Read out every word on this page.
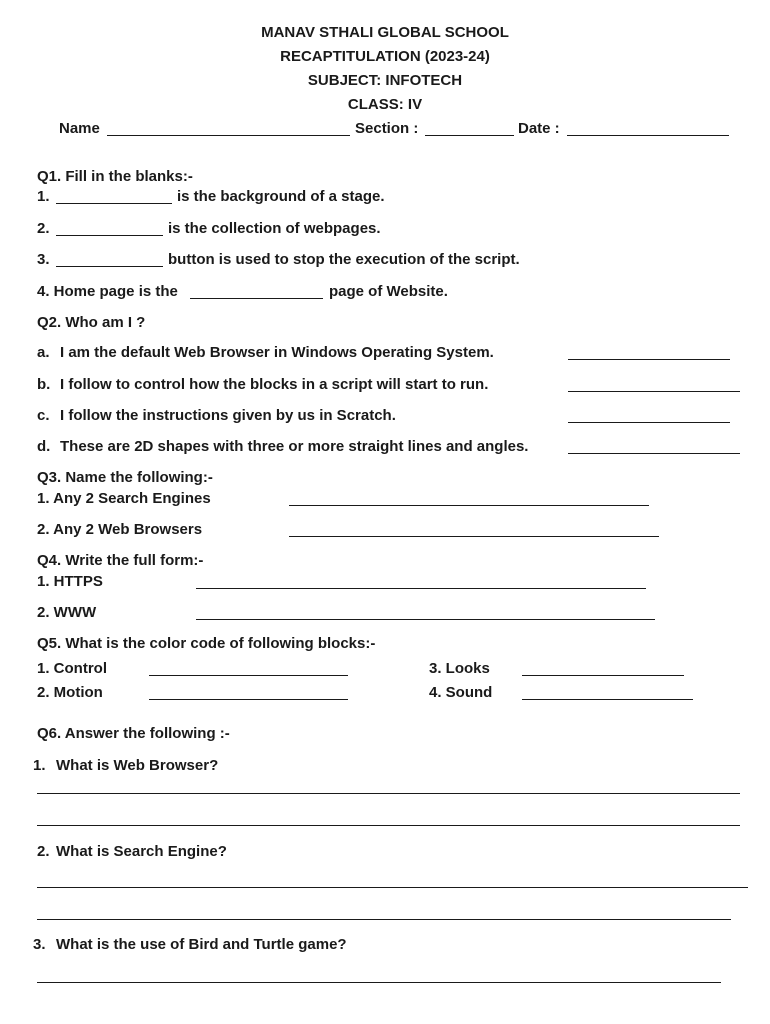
MANAV STHALI GLOBAL SCHOOL
RECAPTITULATION (2023-24)
SUBJECT: INFOTECH
CLASS: IV
Name	Section :	Date :
Q1. Fill in the blanks:-
1.	is the background of a stage.
2.	is the collection of webpages.
3.	button is used to stop the execution of the script.
4. Home page is the	page of Website.
Q2. Who am I ?
a. I am the default Web Browser in Windows Operating System.
b. I follow to control how the blocks in a script will start to run.
c. I follow the instructions given by us in Scratch.
d. These are 2D shapes with three or more straight lines and angles.
Q3. Name the following:-
1. Any 2 Search Engines
2. Any 2 Web Browsers
Q4. Write the full form:-
1. HTTPS
2. WWW
Q5. What is the color code of following blocks:-
1. Control
2. Motion
3. Looks
4. Sound
Q6. Answer the following :-
1. What is Web Browser?
2. What is Search Engine?
3. What is the use of Bird and Turtle game?
